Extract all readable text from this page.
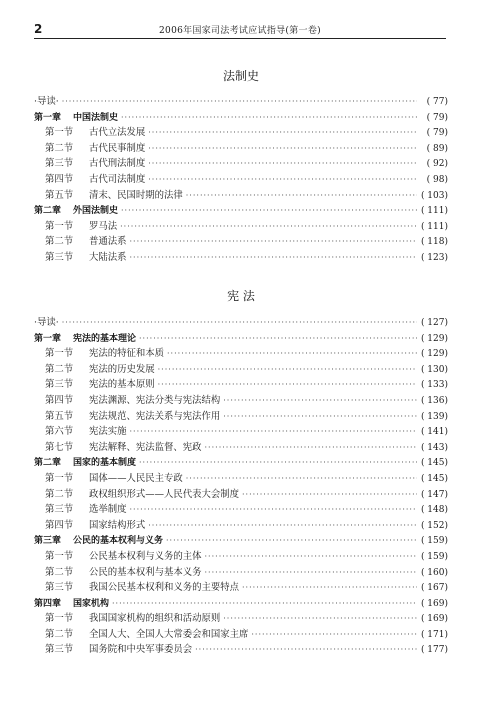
2	2006年国家司法考试应试指导(第一卷)
法制史
·导读· ·····	( 77)
第一章	中国法制史 ·····	( 79)
第一节	古代立法发展 ·····	( 79)
第二节	古代民事制度 ·····	( 89)
第三节	古代刑法制度 ·····	( 92)
第四节	古代司法制度 ·····	( 98)
第五节	清末、民国时期的法律 ·····	( 103)
第二章	外国法制史 ·····	( 111)
第一节	罗马法 ·····	( 111)
第二节	普通法系 ·····	( 118)
第三节	大陆法系 ·····	( 123)
宪 法
·导读· ·····	( 127)
第一章	宪法的基本理论 ·····	( 129)
第一节	宪法的特征和本质 ·····	( 129)
第二节	宪法的历史发展 ·····	( 130)
第三节	宪法的基本原则 ·····	( 133)
第四节	宪法渊源、宪法分类与宪法结构 ·····	( 136)
第五节	宪法规范、宪法关系与宪法作用 ·····	( 139)
第六节	宪法实施 ·····	( 141)
第七节	宪法解释、宪法监督、宪政 ·····	( 143)
第二章	国家的基本制度 ·····	( 145)
第一节	国体——人民民主专政 ·····	( 145)
第二节	政权组织形式——人民代表大会制度 ·····	( 147)
第三节	选举制度 ·····	( 148)
第四节	国家结构形式 ·····	( 152)
第三章	公民的基本权利与义务 ·····	( 159)
第一节	公民基本权利与义务的主体 ·····	( 159)
第二节	公民的基本权利与基本义务 ·····	( 160)
第三节	我国公民基本权利和义务的主要特点 ·····	( 167)
第四章	国家机构 ·····	( 169)
第一节	我国国家机构的组织和活动原则 ·····	( 169)
第二节	全国人大、全国人大常委会和国家主席 ·····	( 171)
第三节	国务院和中央军事委员会 ·····	( 177)
